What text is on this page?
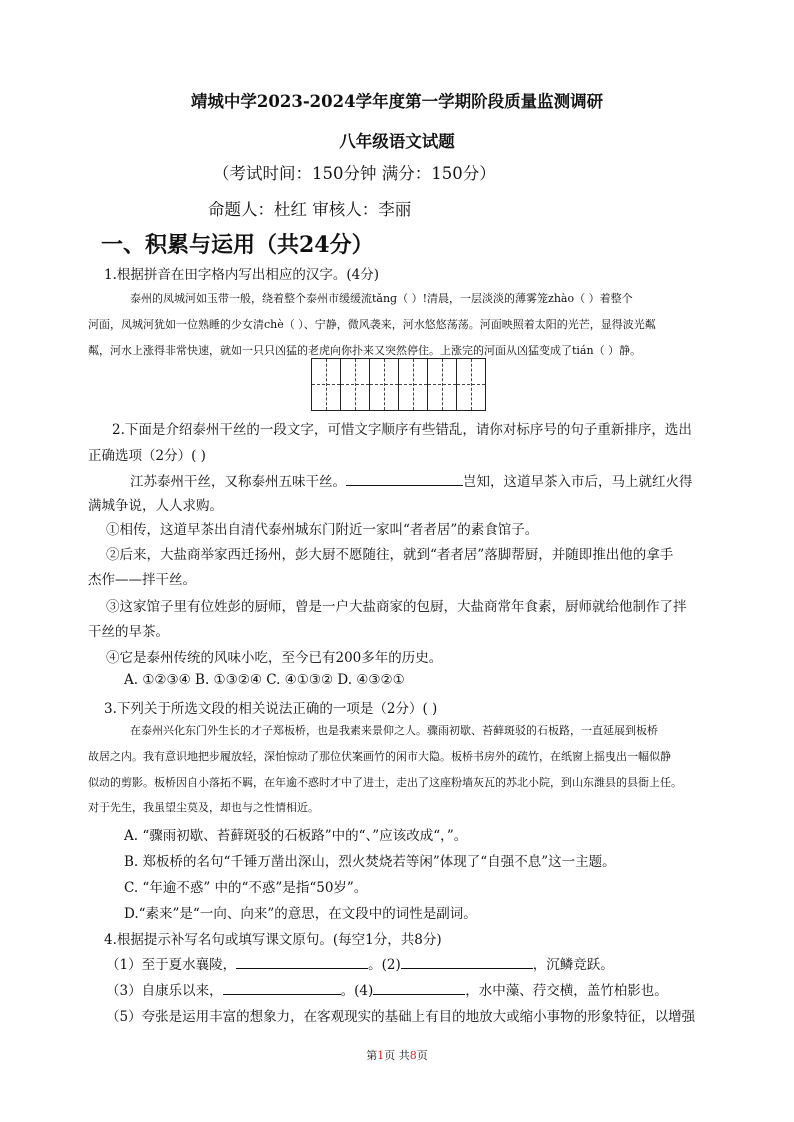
靖城中学2023-2024学年度第一学期阶段质量监测调研
八年级语文试题
（考试时间：150分钟 满分：150分）
命题人：杜红 审核人：李丽
一、积累与运用（共24分）
1.根据拼音在田字格内写出相应的汉字。(4分)
泰州的凤城河如玉带一般，绕着整个泰州市缓缓流tǎnɡ（ ）!清晨，一层淡淡的薄雾笼zhào（ ）着整个
河面，凤城河犹如一位熟睡的少女清chè（ ）、宁静，微风袭来，河水悠悠荡荡。河面映照着太阳的光芒，显得波光粼
粼，河水上涨得非常快速，就如一只只凶猛的老虎向你扑来又突然停住。上涨完的河面从凶猛变成了tián（ ）静。
2.下面是介绍泰州干丝的一段文字，可惜文字顺序有些错乱，请你对标序号的句子重新排序，选出
正确选项（2分）( )
江苏泰州干丝，又称泰州五味干丝。	岂知，这道早茶入市后，马上就红火得
满城争说，人人求购。
①相传，这道早茶出自清代泰州城东门附近一家叫“者者居”的素食馆子。
②后来，大盐商举家西迁扬州，彭大厨不愿随往，就到“者者居”落脚帮厨，并随即推出他的拿手
杰作——拌干丝。
③这家馆子里有位姓彭的厨师，曾是一户大盐商家的包厨，大盐商常年食素，厨师就给他制作了拌
干丝的早茶。
④它是泰州传统的风味小吃，至今已有200多年的历史。
A. ①②③④ B. ①③②④ C. ④①③② D. ④③②①
3.下列关于所选文段的相关说法正确的一项是（2分）( )
在泰州兴化东门外生长的才子郑板桥，也是我素来景仰之人。骤雨初歇、苔藓斑驳的石板路，一直延展到板桥
故居之内。我有意识地把步履放轻，深怕惊动了那位伏案画竹的闲市大隐。板桥书房外的疏竹，在纸窗上摇曳出一幅似静
似动的剪影。板桥因自小落拓不羁，在年逾不惑时才中了进士，走出了这座粉墙灰瓦的苏北小院，到山东潍县的县衙上任。
对于先生，我虽望尘莫及，却也与之性情相近。
A. “骤雨初歇、苔藓斑驳的石板路”中的“、”应该改成“，”。
B. 郑板桥的名句“千锤万凿出深山，烈火焚烧若等闲”体现了“自强不息”这一主题。
C. “年逾不惑” 中的“不惑”是指“50岁”。
D.“素来”是“一向、向来”的意思，在文段中的词性是副词。
4.根据提示补写名句或填写课文原句。(每空1分，共8分)
（1）至于夏水襄陵，	。(2)	，沉鳞竞跃。
（3）自康乐以来，	。(4)	，水中藻、荇交横，盖竹柏影也。
（5）夸张是运用丰富的想象力，在客观现实的基础上有目的地放大或缩小事物的形象特征，以增强
第1页 共8页
